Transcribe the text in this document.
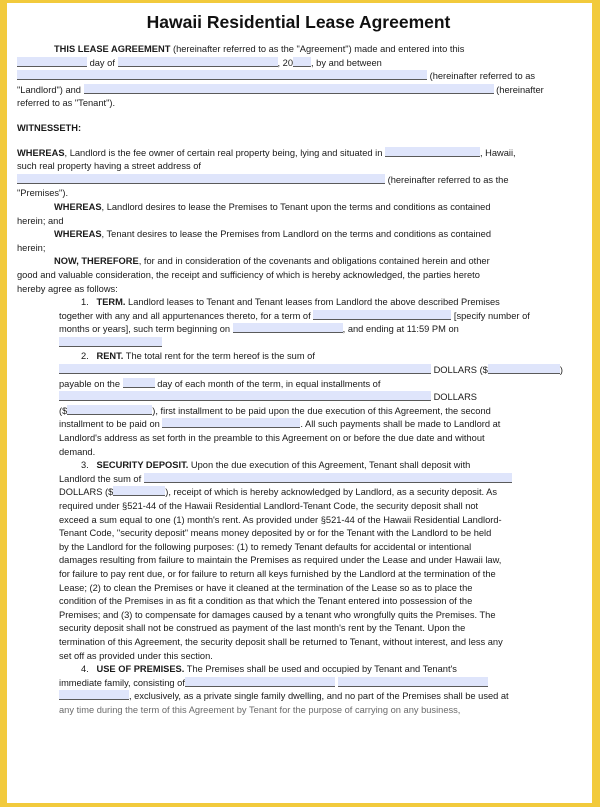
Hawaii Residential Lease Agreement

THIS LEASE AGREEMENT (hereinafter referred to as the "Agreement") made and entered into this

day of	, 20 , by and between

(hereinafter referred to as

"Landlord") and	(hereinafter

referred to as "Tenant").

WITNESSETH:

WHEREAS, Landlord is the fee owner of certain real property being, lying and situated in	, Hawaii,

such real property having a street address of

(hereinafter referred to as the

"Premises").

WHEREAS, Landlord desires to lease the Premises to Tenant upon the terms and conditions as contained

herein; and

WHEREAS, Tenant desires to lease the Premises from Landlord on the terms and conditions as contained

herein;

NOW, THEREFORE, for and in consideration of the covenants and obligations contained herein and other

good and valuable consideration, the receipt and sufficiency of which is hereby acknowledged, the parties hereto

hereby agree as follows:

1. TERM. Landlord leases to Tenant and Tenant leases from Landlord the above described Premises

together with any and all appurtenances thereto, for a term of	[specify number of

months or years], such term beginning on	, and ending at 11:59 PM on

2. RENT. The total rent for the term hereof is the sum of

DOLLARS ($	)

payable on the	day of each month of the term, in equal installments of

DOLLARS

($	), first installment to be paid upon the due execution of this Agreement, the second

installment to be paid on	. All such payments shall be made to Landlord at

Landlord's address as set forth in the preamble to this Agreement on or before the due date and without

demand.

3. SECURITY DEPOSIT. Upon the due execution of this Agreement, Tenant shall deposit with

Landlord the sum of

DOLLARS ($	), receipt of which is hereby acknowledged by Landlord, as a security deposit. As

required under §521-44 of the Hawaii Residential Landlord-Tenant Code, the security deposit shall not

exceed a sum equal to one (1) month's rent. As provided under §521-44 of the Hawaii Residential Landlord-

Tenant Code, "security deposit" means money deposited by or for the Tenant with the Landlord to be held

by the Landlord for the following purposes: (1) to remedy Tenant defaults for accidental or intentional

damages resulting from failure to maintain the Premises as required under the Lease and under Hawaii law,

for failure to pay rent due, or for failure to return all keys furnished by the Landlord at the termination of the

Lease; (2) to clean the Premises or have it cleaned at the termination of the Lease so as to place the

condition of the Premises in as fit a condition as that which the Tenant entered into possession of the

Premises; and (3) to compensate for damages caused by a tenant who wrongfully quits the Premises. The

security deposit shall not be construed as payment of the last month's rent by the Tenant. Upon the

termination of this Agreement, the security deposit shall be returned to Tenant, without interest, and less any

set off as provided under this section.

4. USE OF PREMISES. The Premises shall be used and occupied by Tenant and Tenant's

immediate family, consisting of

, exclusively, as a private single family dwelling, and no part of the Premises shall be used at

any time during the term of this Agreement by Tenant for the purpose of carrying on any business,
